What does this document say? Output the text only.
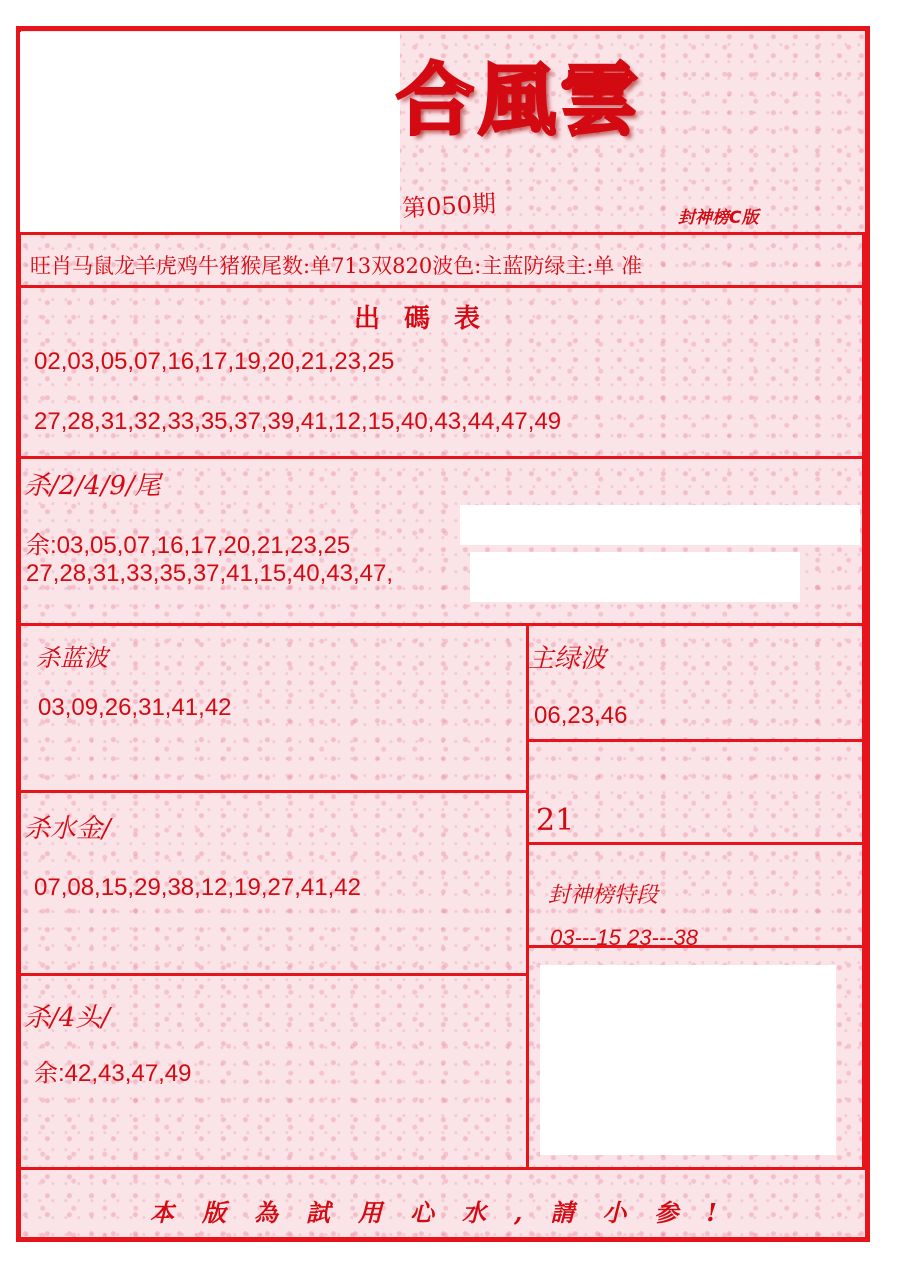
合風雲
第050期	封神榜C版
旺肖马鼠龙羊虎鸡牛猪猴尾数:单713双820波色:主蓝防绿主:单 准
出碼表
02,03,05,07,16,17,19,20,21,23,25
27,28,31,32,33,35,37,39,41,12,15,40,43,44,47,49
杀/2/4/9/尾
余:03,05,07,16,17,20,21,23,25
27,28,31,33,35,37,41,15,40,43,47,
杀蓝波
03,09,26,31,41,42
主绿波
06,23,46
21
杀水金/
07,08,15,29,38,12,19,27,41,42	封神榜特段
03---15 23---38
杀/4头/
余:42,43,47,49
本版為試用心水,請小参!
